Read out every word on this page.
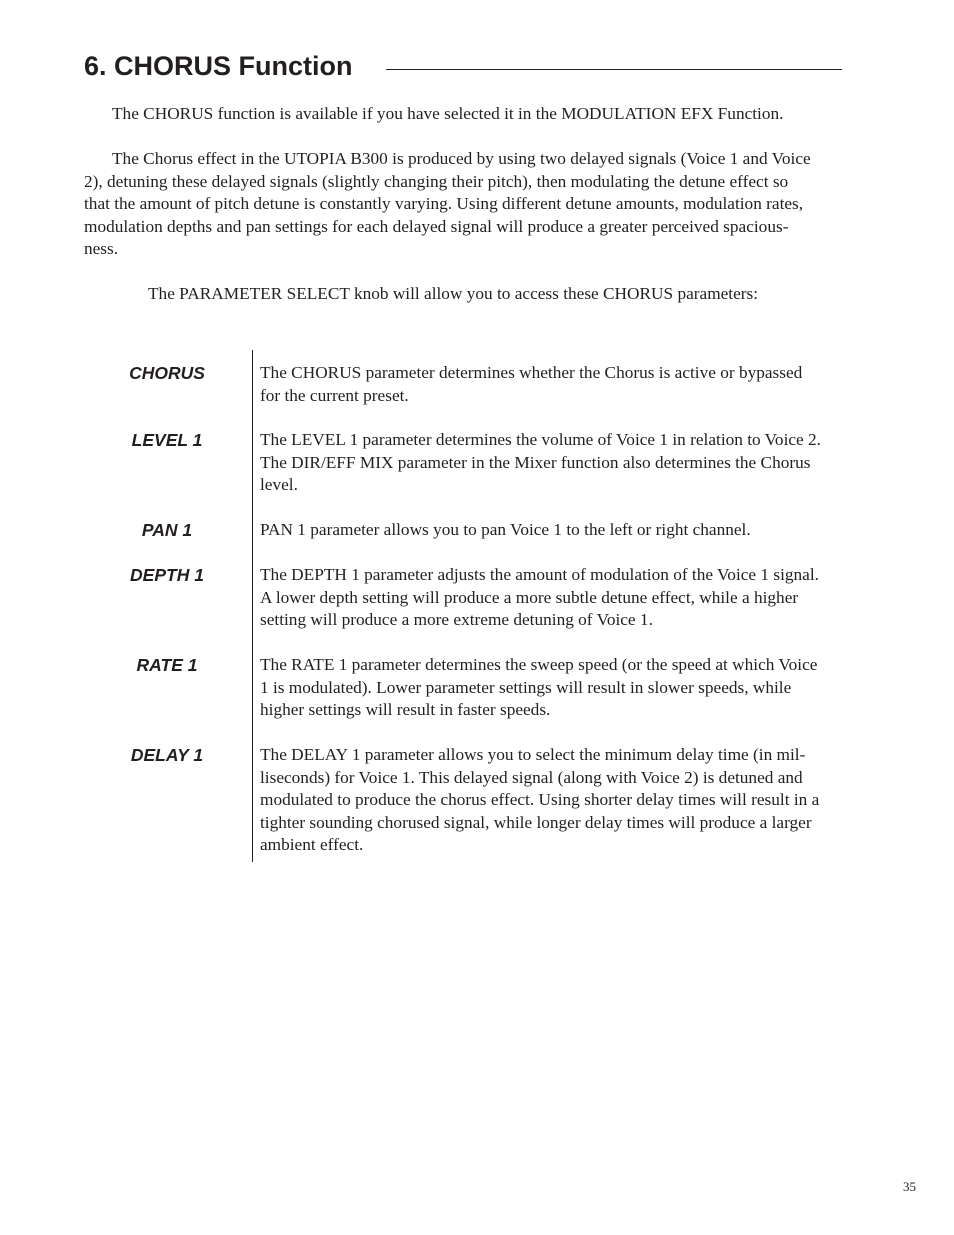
6. CHORUS Function

The CHORUS function is available if you have selected it in the MODULATION EFX Function.

The Chorus effect in the UTOPIA B300 is produced by using two delayed signals (Voice 1 and Voice
2), detuning these delayed signals (slightly changing their pitch), then modulating the detune effect so
that the amount of pitch detune is constantly varying. Using different detune amounts, modulation rates,
modulation depths and pan settings for each delayed signal will produce a greater perceived spacious-
ness.

The PARAMETER SELECT knob will allow you to access these CHORUS parameters:

CHORUS	The CHORUS parameter determines whether the Chorus is active or bypassed
for the current preset.
LEVEL 1	The LEVEL 1 parameter determines the volume of Voice 1 in relation to Voice 2.
The DIR/EFF MIX parameter in the Mixer function also determines the Chorus
level.
PAN 1	PAN 1 parameter allows you to pan Voice 1 to the left or right channel.
DEPTH 1	The DEPTH 1 parameter adjusts the amount of modulation of the Voice 1 signal.
A lower depth setting will produce a more subtle detune effect, while a higher
setting will produce a more extreme detuning of Voice 1.
RATE 1	The RATE 1 parameter determines the sweep speed (or the speed at which Voice
1 is modulated). Lower parameter settings will result in slower speeds, while
higher settings will result in faster speeds.
DELAY 1	The DELAY 1 parameter allows you to select the minimum delay time (in mil-
liseconds) for Voice 1. This delayed signal (along with Voice 2) is detuned and
modulated to produce the chorus effect. Using shorter delay times will result in a
tighter sounding chorused signal, while longer delay times will produce a larger
ambient effect.
35
